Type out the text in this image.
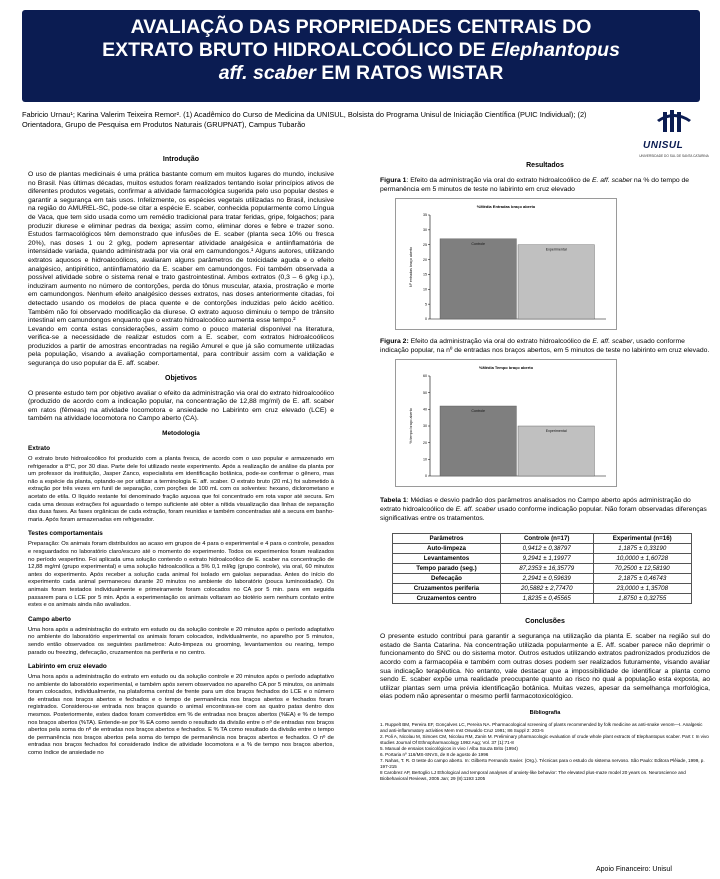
AVALIAÇÃO DAS PROPRIEDADES CENTRAIS DO
EXTRATO BRUTO HIDROALCOÓLICO DE Elephantopus
aff. scaber EM RATOS WISTAR
Fabricio Urnau¹; Karina Valerim Teixeira Remor². (1) Acadêmico do Curso de Medicina da UNISUL, Bolsista do Programa Unisul de Iniciação Científica (PUIC Individual); (2) Orientadora, Grupo de Pesquisa em Produtos Naturais (GRUPNAT), Campus Tubarão
UNISUL
UNIVERSIDADE DO SUL DE SANTA CATARINA
Introdução

O uso de plantas medicinais é uma prática bastante comum em muitos lugares do mundo, inclusive no Brasil. Nas últimas décadas, muitos estudos foram realizados tentando isolar princípios ativos de diferentes produtos vegetais, confirmar a atividade farmacológica sugerida pelo uso popular destes e garantir a segurança em tais usos. Infelizmente, os espécies vegetais utilizadas no Brasil, inclusive na região do AMUREL-SC, pode-se citar a espécie E. scaber, conhecida popularmente como Língua de Vaca, que tem sido usada como um remédio tradicional para tratar feridas, gripe, folgachos; para produzir diurese e eliminar pedras da bexiga; assim como, eliminar dores e febre e trazer sono. Estudos farmacológicos têm demonstrado que infusões de E. scaber (planta seca 10% ou fresca 20%), nas doses 1 ou 2 g/kg, podem apresentar atividade analgésica e antiinflamatória de intensidade variada, quando administrada por via oral em camundongos.¹ Alguns autores, utilizando extratos aquosos e hidroalcoólicos, avaliaram alguns parâmetros de toxicidade aguda e o efeito analgésico, antipirético, antiinflamatório da E. scaber em camundongos. Foi também observada a possível atividade sobre o sistema renal e trato gastrointestinal. Ambos extratos (0,3 – 6 g/kg i.p.), induziram aumento no número de contorções, perda do tônus muscular, ataxia, prostração e morte em camundongos. Nenhum efeito analgésico desses extratos, nas doses anteriormente citadas, foi detectado usando os modelos de placa quente e de contorções induzidas pelo ácido acético. Também não foi observado modificação da diurese. O extrato aquoso diminuiu o tempo de trânsito intestinal em camundongos enquanto que o extrato hidroalcoólico aumenta esse tempo.²

Levando em conta estas considerações, assim como o pouco material disponível na literatura, verifica-se a necessidade de realizar estudos com a E. scaber, com extratos hidroalcoólicos produzidos a partir de amostras encontradas na região Amurel e que já são comumente utilizadas pela população, visando a avaliação comportamental, para contribuir assim com a validação e segurança do uso popular da E. aff. scaber.

Objetivos

O presente estudo tem por objetivo avaliar o efeito da administração via oral do extrato hidroalcoólico (produzido de acordo com a indicação popular, na concentração de 12,88 mg/ml) de E. aff. scaber em ratos (fêmeas) na atividade locomotora e ansiedade no Labirinto em cruz elevado (LCE) e também na atividade locomotora no Campo aberto (CA).

Metodologia
Extrato

O extrato bruto hidroalcoólico foi produzido com a planta fresca, de acordo com o uso popular e armazenado em refrigerador a 8°C, por 30 dias. Parte dele foi utilizado neste experimento. Após a realização de análise da planta por um professor da instituição, Jasper Zanco, especialista em identificação botânica, pode-se confirmar o gênero, mas não a espécie da planta, optando-se por utilizar a terminologia E. aff. scaber. O extrato bruto (20 mL) foi submetido à extração por três vezes em funil de separação, com porções de 100 mL com os solventes: hexano, diclorometano e acetato de etila. O líquido restante foi denominado fração aquosa que foi concentrado em rota vapor até secura. Em cada uma dessas extrações foi aguardado o tempo suficiente até obter a nítida visualização das linhas de separação das duas fases. As fases orgânicas de cada extração, foram reunidas e também concentradas até a secura em banho-maria. Após foram armazenadas em refrigerador.

Testes comportamentais

Preparação: Os animais foram distribuídos ao acaso em grupos de 4 para o experimental e 4 para o controle, pesados e resguardados no laboratório claro/escuro até o momento do experimento. Todos os experimentos foram realizados no período vespertino. Foi aplicada uma solução contendo o extrato hidroalcoólico de E. scaber na concentração de 12,88 mg/ml (grupo experimental) e uma solução hidroalcoólica a 5% 0,1 ml/kg (grupo controle), via oral, 60 minutos antes do experimento. Após receber a solução cada animal foi isolado em gaiolas separadas. Antes do início do experimento cada animal permaneceu durante 20 minutos no ambiente do laboratório (pouca luminosidade). Os animais foram testados individualmente e primeiramente foram colocados no CA por 5 min. para em seguida passarem para o LCE por 5 min. Após a experimentação os animais voltaram ao biotério sem nenhum contato entre estes e os animais ainda não avaliados.

Campo aberto

Uma hora após a administração do extrato em estudo ou da solução controle e 20 minutos após o período adaptativo no ambiente do laboratório experimental os animais foram colocados, individualmente, no aparelho por 5 minutos, sendo então observados os seguintes parâmetros: Auto-limpeza ou grooming, levantamentos ou rearing, tempo parado ou freezing, defecação, cruzamentos na periferia e no centro.

Labirinto em cruz elevado

Uma hora após a administração do extrato em estudo ou da solução controle e 20 minutos após o período adaptativo no ambiente do laboratório experimental, e também após serem observados no aparelho CA por 5 minutos, os animais foram colocados, individualmente, na plataforma central de frente para um dos braços fechados do LCE e o número de entradas nos braços abertos e fechados e o tempo de permanência nos braços abertos e fechados foram registrados. Considerou-se entrada nos braços quando o animal encontrava-se com as quatro patas dentro dos mesmos. Posteriormente, estes dados foram convertidos em % de entradas nos braços abertos (%EA) e % de tempo nos braços abertos (%TA). Entende-se por % EA como sendo o resultado da divisão entre o nº de entradas nos braços abertos pela soma do nº de entradas nos braços abertos e fechados. E % TA como resultado da divisão entre o tempo de permanência nos braços abertos pela soma do tempo de permanência nos braços abertos e fechados. O nº de entradas nos braços fechados foi considerado índice de atividade locomotora e a % de tempo nos braços abertos, como índice de ansiedade no

Resultados

Figura 1: Efeito da administração via oral do extrato hidroalcoólico de E. aff. scaber na % do tempo de permanência em 5 minutos de teste no labirinto em cruz elevado

%Média Entradas braço aberto
0
5
10
15
20
25
30
35
Nº entradas braço aberto
Controle
Experimental

Figura 2: Efeito da administração via oral do extrato hidroalcoólico de E. aff. scaber, usado conforme indicação popular, na nº de entradas nos braços abertos, em 5 minutos de teste no labirinto em cruz elevado.

%Média Tempo braço aberto
0
10
20
30
40
50
60
% tempo braço aberto	Controle
Experimental

Tabela 1: Médias e desvio padrão dos parâmetros analisados no Campo aberto após administração do extrato hidroalcoólico de E. aff. scaber usado conforme indicação popular. Não foram observadas diferenças significativas entre os tratamentos.

Parâmetros	Controle (n=17)	Experimental (n=16)
Auto-limpeza	0,9412 ± 0,38797	1,1875 ± 0,33190
Levantamentos	9,2941 ± 1,19977	10,0000 ± 1,60728
Tempo parado (seg.)	87,2353 ± 16,35779	70,2500 ± 12,58190
Defecação	2,2941 ± 0,59639	2,1875 ± 0,46743
Cruzamentos periferia	20,5882 ± 2,77470	23,0000 ± 1,35708
Cruzamentos centro	1,8235 ± 0,45565	1,8750 ± 0,32755
Conclusões

O presente estudo contribui para garantir a segurança na utilização da planta E. scaber na região sul do estado de Santa Catarina. Na concentração utilizada popularmente a E. Aff. scaber parece não deprimir o funcionamento do SNC ou do sistema motor. Outros estudos utilizando extratos padronizados produzidos de acordo com a farmacopéia e também com outras doses podem ser realizados futuramente, visando avaliar sua indicação terapêutica. No entanto, vale destacar que a impossibilidade de identificar a planta como sendo E. scaber expõe uma realidade preocupante quanto ao risco no qual a população esta exposta, ao utilizar plantas sem uma prévia identificação botânica. Muitas vezes, apesar da semelhança morfológica, elas podem não apresentar o mesmo perfil farmacotoxicológico.

Bibliografia

1. Ruppelt BM, Pereira EF, Gonçalves LC, Pereira NA. Pharmacological screening of plants recommended by folk medicine as anti-snake venom—I. Analgesic and anti-inflammatory activities Mem Inst Oswaldo Cruz 1991; 86 Suppl 2: 203-5

2. Poli A, Nicolau M, Simoes CM, Nicolau RM, Zanin M. Preliminary pharmacologic evaluation of crude whole plant extracts of Elephantopus scaber. Part I: In vivo studies Journal Of Ethnopharmacology 1992 Aug; Vol. 37 (1):71-8

5. Manual de ensaios toxicológicos in vivo / Alba Souza Brito (1994)

6. Portaria nº 116/MS-SNVS, de 8 de agosto de 1996

7. Nahas, T. R. O teste do campo aberto. In: Gilberto Fernando Xavier. (Org.). Técnicas para o estudo do sistema nervoso. São Paulo: Editora Plêiade, 1999, p. 197-215

8 Carobrez AP, Bertoglio LJ Ethological and temporal analyses of anxiety-like behavior: The elevated plus-maze model 20 years on. Neuroscience and Biobehavioral Reviews, 2005 Jan; 29 (8):1193 1205

Apoio Financeiro: Unisul
